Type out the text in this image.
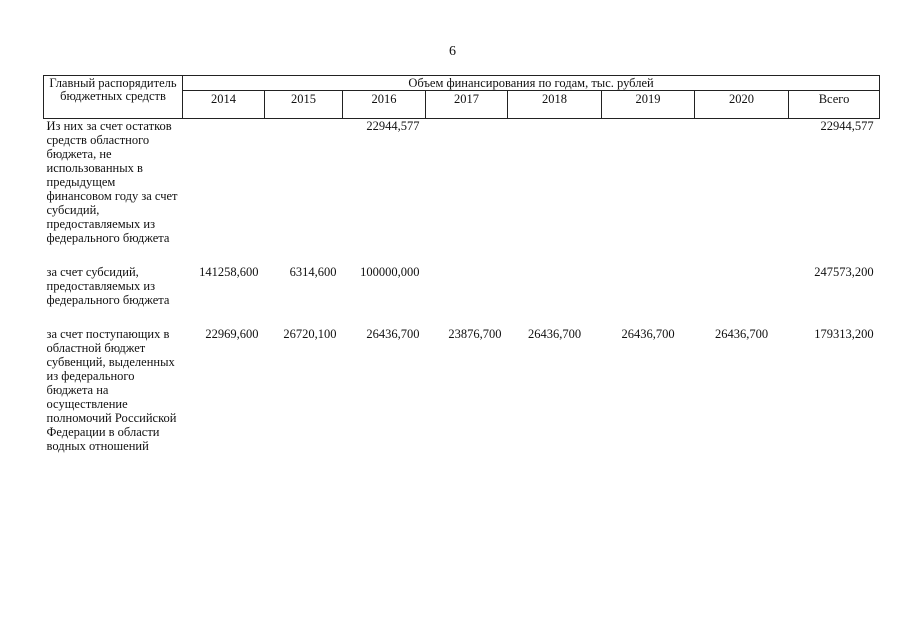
6
Главный распорядитель бюджетных средств	Объем финансирования по годам, тыс. рублей							
	2014	2015	2016	2017	2018	2019	2020	Всего
Из них за счет остатков средств областного бюджета, не использованных в предыдущем финансовом году за счет субсидий, предоставляемых из федерального бюджета			22944,577					22944,577

за счет субсидий, предоставляемых из федерального бюджета	141258,600	6314,600	100000,000					247573,200

за счет поступающих в областной бюджет субвенций, выделенных из федерального бюджета на осуществление полномочий Российской Федерации в области водных отношений	22969,600	26720,100	26436,700	23876,700	26436,700	26436,700	26436,700	179313,200
